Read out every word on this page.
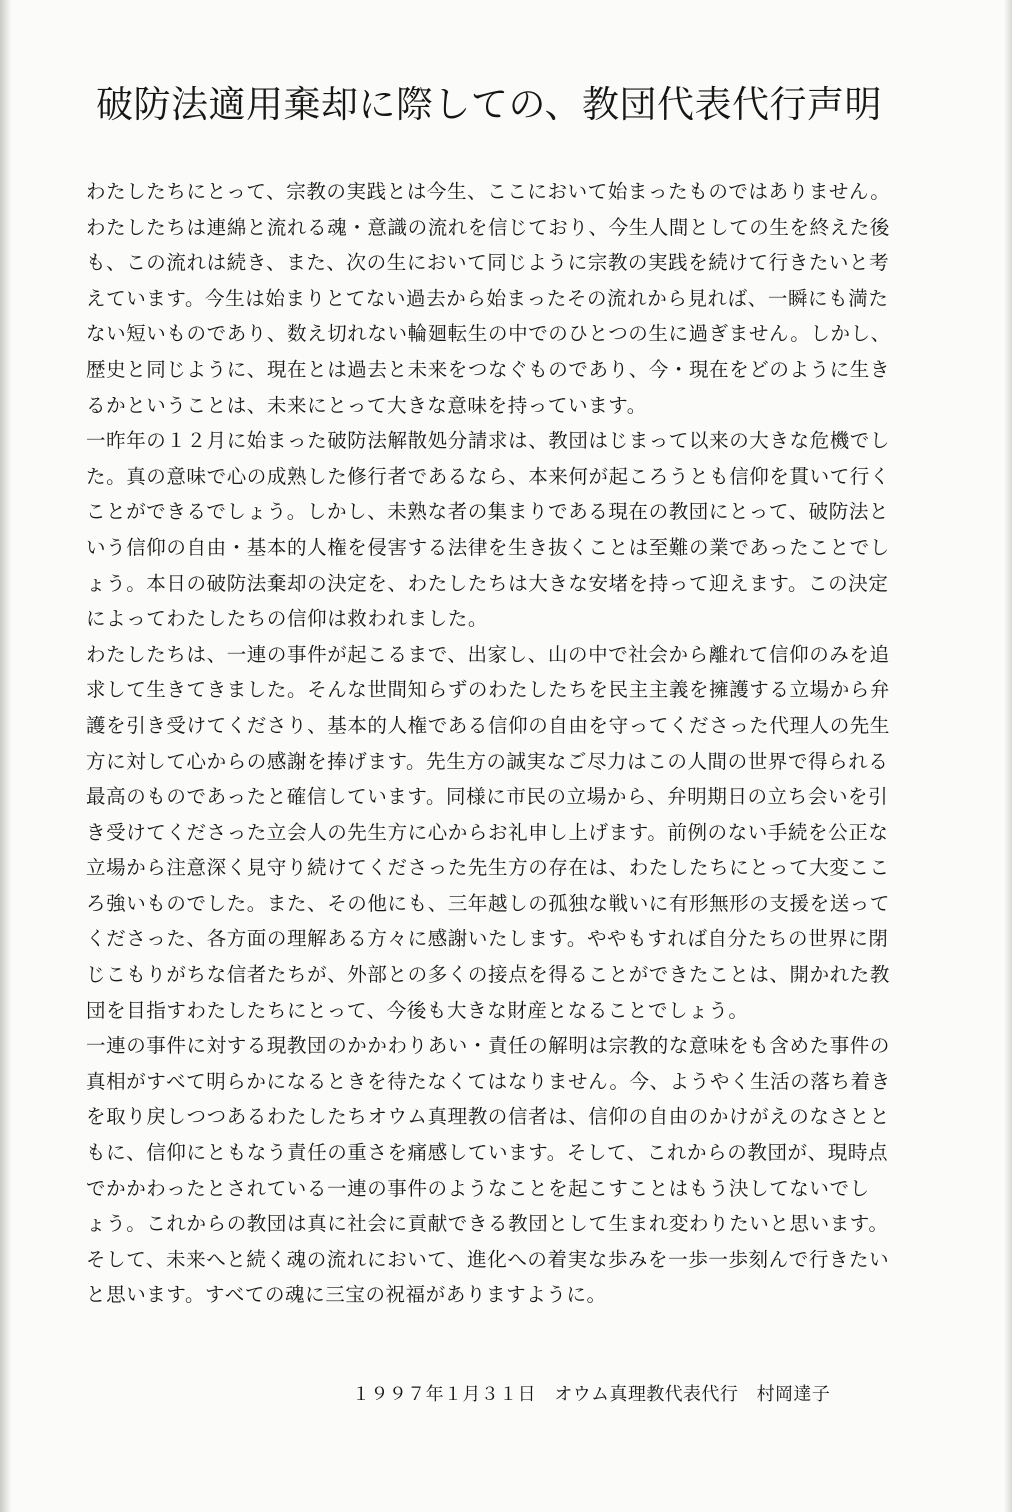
破防法適用棄却に際しての、教団代表代行声明
わたしたちにとって、宗教の実践とは今生、ここにおいて始まったものではありません。
わたしたちは連綿と流れる魂・意識の流れを信じており、今生人間としての生を終えた後
も、この流れは続き、また、次の生において同じように宗教の実践を続けて行きたいと考
えています。今生は始まりとてない過去から始まったその流れから見れば、一瞬にも満た
ない短いものであり、数え切れない輪廻転生の中でのひとつの生に過ぎません。しかし、
歴史と同じように、現在とは過去と未来をつなぐものであり、今・現在をどのように生き
るかということは、未来にとって大きな意味を持っています。
一昨年の１２月に始まった破防法解散処分請求は、教団はじまって以来の大きな危機でし
た。真の意味で心の成熟した修行者であるなら、本来何が起ころうとも信仰を貫いて行く
ことができるでしょう。しかし、未熟な者の集まりである現在の教団にとって、破防法と
いう信仰の自由・基本的人権を侵害する法律を生き抜くことは至難の業であったことでし
ょう。本日の破防法棄却の決定を、わたしたちは大きな安堵を持って迎えます。この決定
によってわたしたちの信仰は救われました。
わたしたちは、一連の事件が起こるまで、出家し、山の中で社会から離れて信仰のみを追
求して生きてきました。そんな世間知らずのわたしたちを民主主義を擁護する立場から弁
護を引き受けてくださり、基本的人権である信仰の自由を守ってくださった代理人の先生
方に対して心からの感謝を捧げます。先生方の誠実なご尽力はこの人間の世界で得られる
最高のものであったと確信しています。同様に市民の立場から、弁明期日の立ち会いを引
き受けてくださった立会人の先生方に心からお礼申し上げます。前例のない手続を公正な
立場から注意深く見守り続けてくださった先生方の存在は、わたしたちにとって大変ここ
ろ強いものでした。また、その他にも、三年越しの孤独な戦いに有形無形の支援を送って
くださった、各方面の理解ある方々に感謝いたします。ややもすれば自分たちの世界に閉
じこもりがちな信者たちが、外部との多くの接点を得ることができたことは、開かれた教
団を目指すわたしたちにとって、今後も大きな財産となることでしょう。
一連の事件に対する現教団のかかわりあい・責任の解明は宗教的な意味をも含めた事件の
真相がすべて明らかになるときを待たなくてはなりません。今、ようやく生活の落ち着き
を取り戻しつつあるわたしたちオウム真理教の信者は、信仰の自由のかけがえのなさとと
もに、信仰にともなう責任の重さを痛感しています。そして、これからの教団が、現時点
でかかわったとされている一連の事件のようなことを起こすことはもう決してないでし
ょう。これからの教団は真に社会に貢献できる教団として生まれ変わりたいと思います。
そして、未来へと続く魂の流れにおいて、進化への着実な歩みを一歩一歩刻んで行きたい
と思います。すべての魂に三宝の祝福がありますように。
１９９７年１月３１日　オウム真理教代表代行　村岡達子
